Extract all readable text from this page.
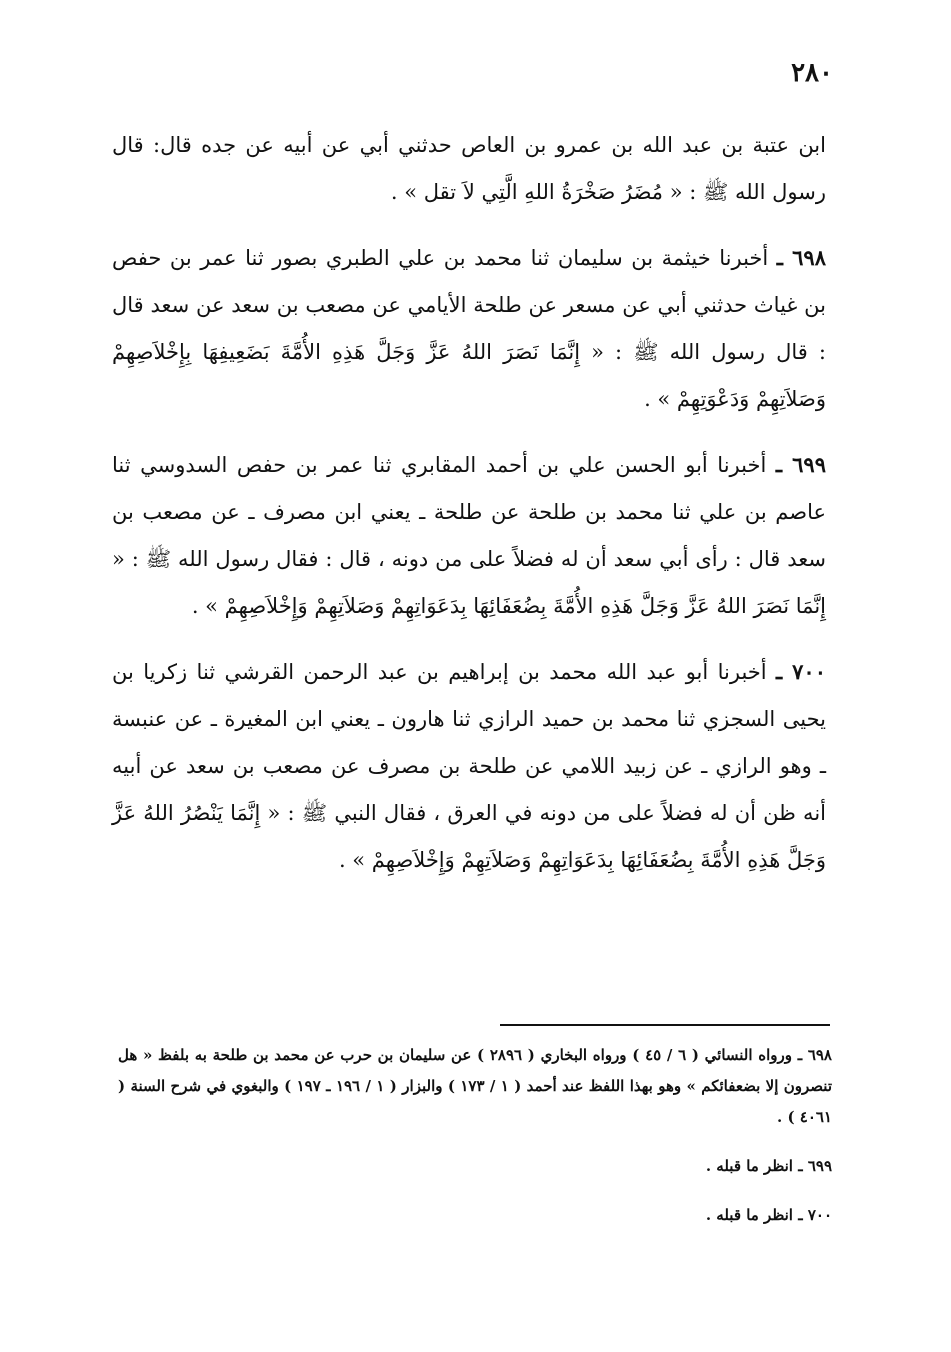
٢٨٠

ابن عتبة بن عبد الله بن عمرو بن العاص حدثني أبي عن أبيه عن جده قال: قال رسول الله ﷺ : « مُضَرُ صَخْرَةُ اللهِ الَّتِي لاَ تقل » .

٦٩٨ ـ أخبرنا خيثمة بن سليمان ثنا محمد بن علي الطبري بصور ثنا عمر بن حفص بن غياث حدثني أبي عن مسعر عن طلحة الأيامي عن مصعب بن سعد عن سعد قال : قال رسول الله ﷺ : « إِنَّمَا نَصَرَ اللهُ عَزَّ وَجَلَّ هَذِهِ الأُمَّةَ بَضَعِيفِهَا بِإِخْلاَصِهِمْ وَصَلاَتِهِمْ وَدَعْوَتِهِمْ » .

٦٩٩ ـ أخبرنا أبو الحسن علي بن أحمد المقابري ثنا عمر بن حفص السدوسي ثنا عاصم بن علي ثنا محمد بن طلحة عن طلحة ـ يعني ابن مصرف ـ عن مصعب بن سعد قال : رأى أبي سعد أن له فضلاً على من دونه ، قال : فقال رسول الله ﷺ : « إِنَّمَا نَصَرَ اللهُ عَزَّ وَجَلَّ هَذِهِ الأُمَّةَ بِضُعَفَائِهَا بِدَعَوَاتِهِمْ وَصَلاَتِهِمْ وَإِخْلاَصِهِمْ » .

٧٠٠ ـ أخبرنا أبو عبد الله محمد بن إبراهيم بن عبد الرحمن القرشي ثنا زكريا بن يحيى السجزي ثنا محمد بن حميد الرازي ثنا هارون ـ يعني ابن المغيرة ـ عن عنبسة ـ وهو الرازي ـ عن زبيد اللامي عن طلحة بن مصرف عن مصعب بن سعد عن أبيه أنه ظن أن له فضلاً على من دونه في العرق ، فقال النبي ﷺ : « إِنَّمَا يَنْصُرُ اللهُ عَزَّ وَجَلَّ هَذِهِ الأُمَّةَ بِضُعَفَائِهَا بِدَعَوَاتِهِمْ وَصَلاَتِهِمْ وَإِخْلاَصِهِمْ » .

٦٩٨ ـ ورواه النسائي ( ٦ / ٤٥ ) ورواه البخاري ( ٢٨٩٦ ) عن سليمان بن حرب عن محمد بن طلحة به بلفظ « هل تنصرون إلا بضعفائكم » وهو بهذا اللفظ عند أحمد ( ١ / ١٧٣ ) والبزار ( ١ / ١٩٦ ـ ١٩٧ ) والبغوي في شرح السنة ( ٤٠٦١ ) .

٦٩٩ ـ انظر ما قبله .

٧٠٠ ـ انظر ما قبله .
